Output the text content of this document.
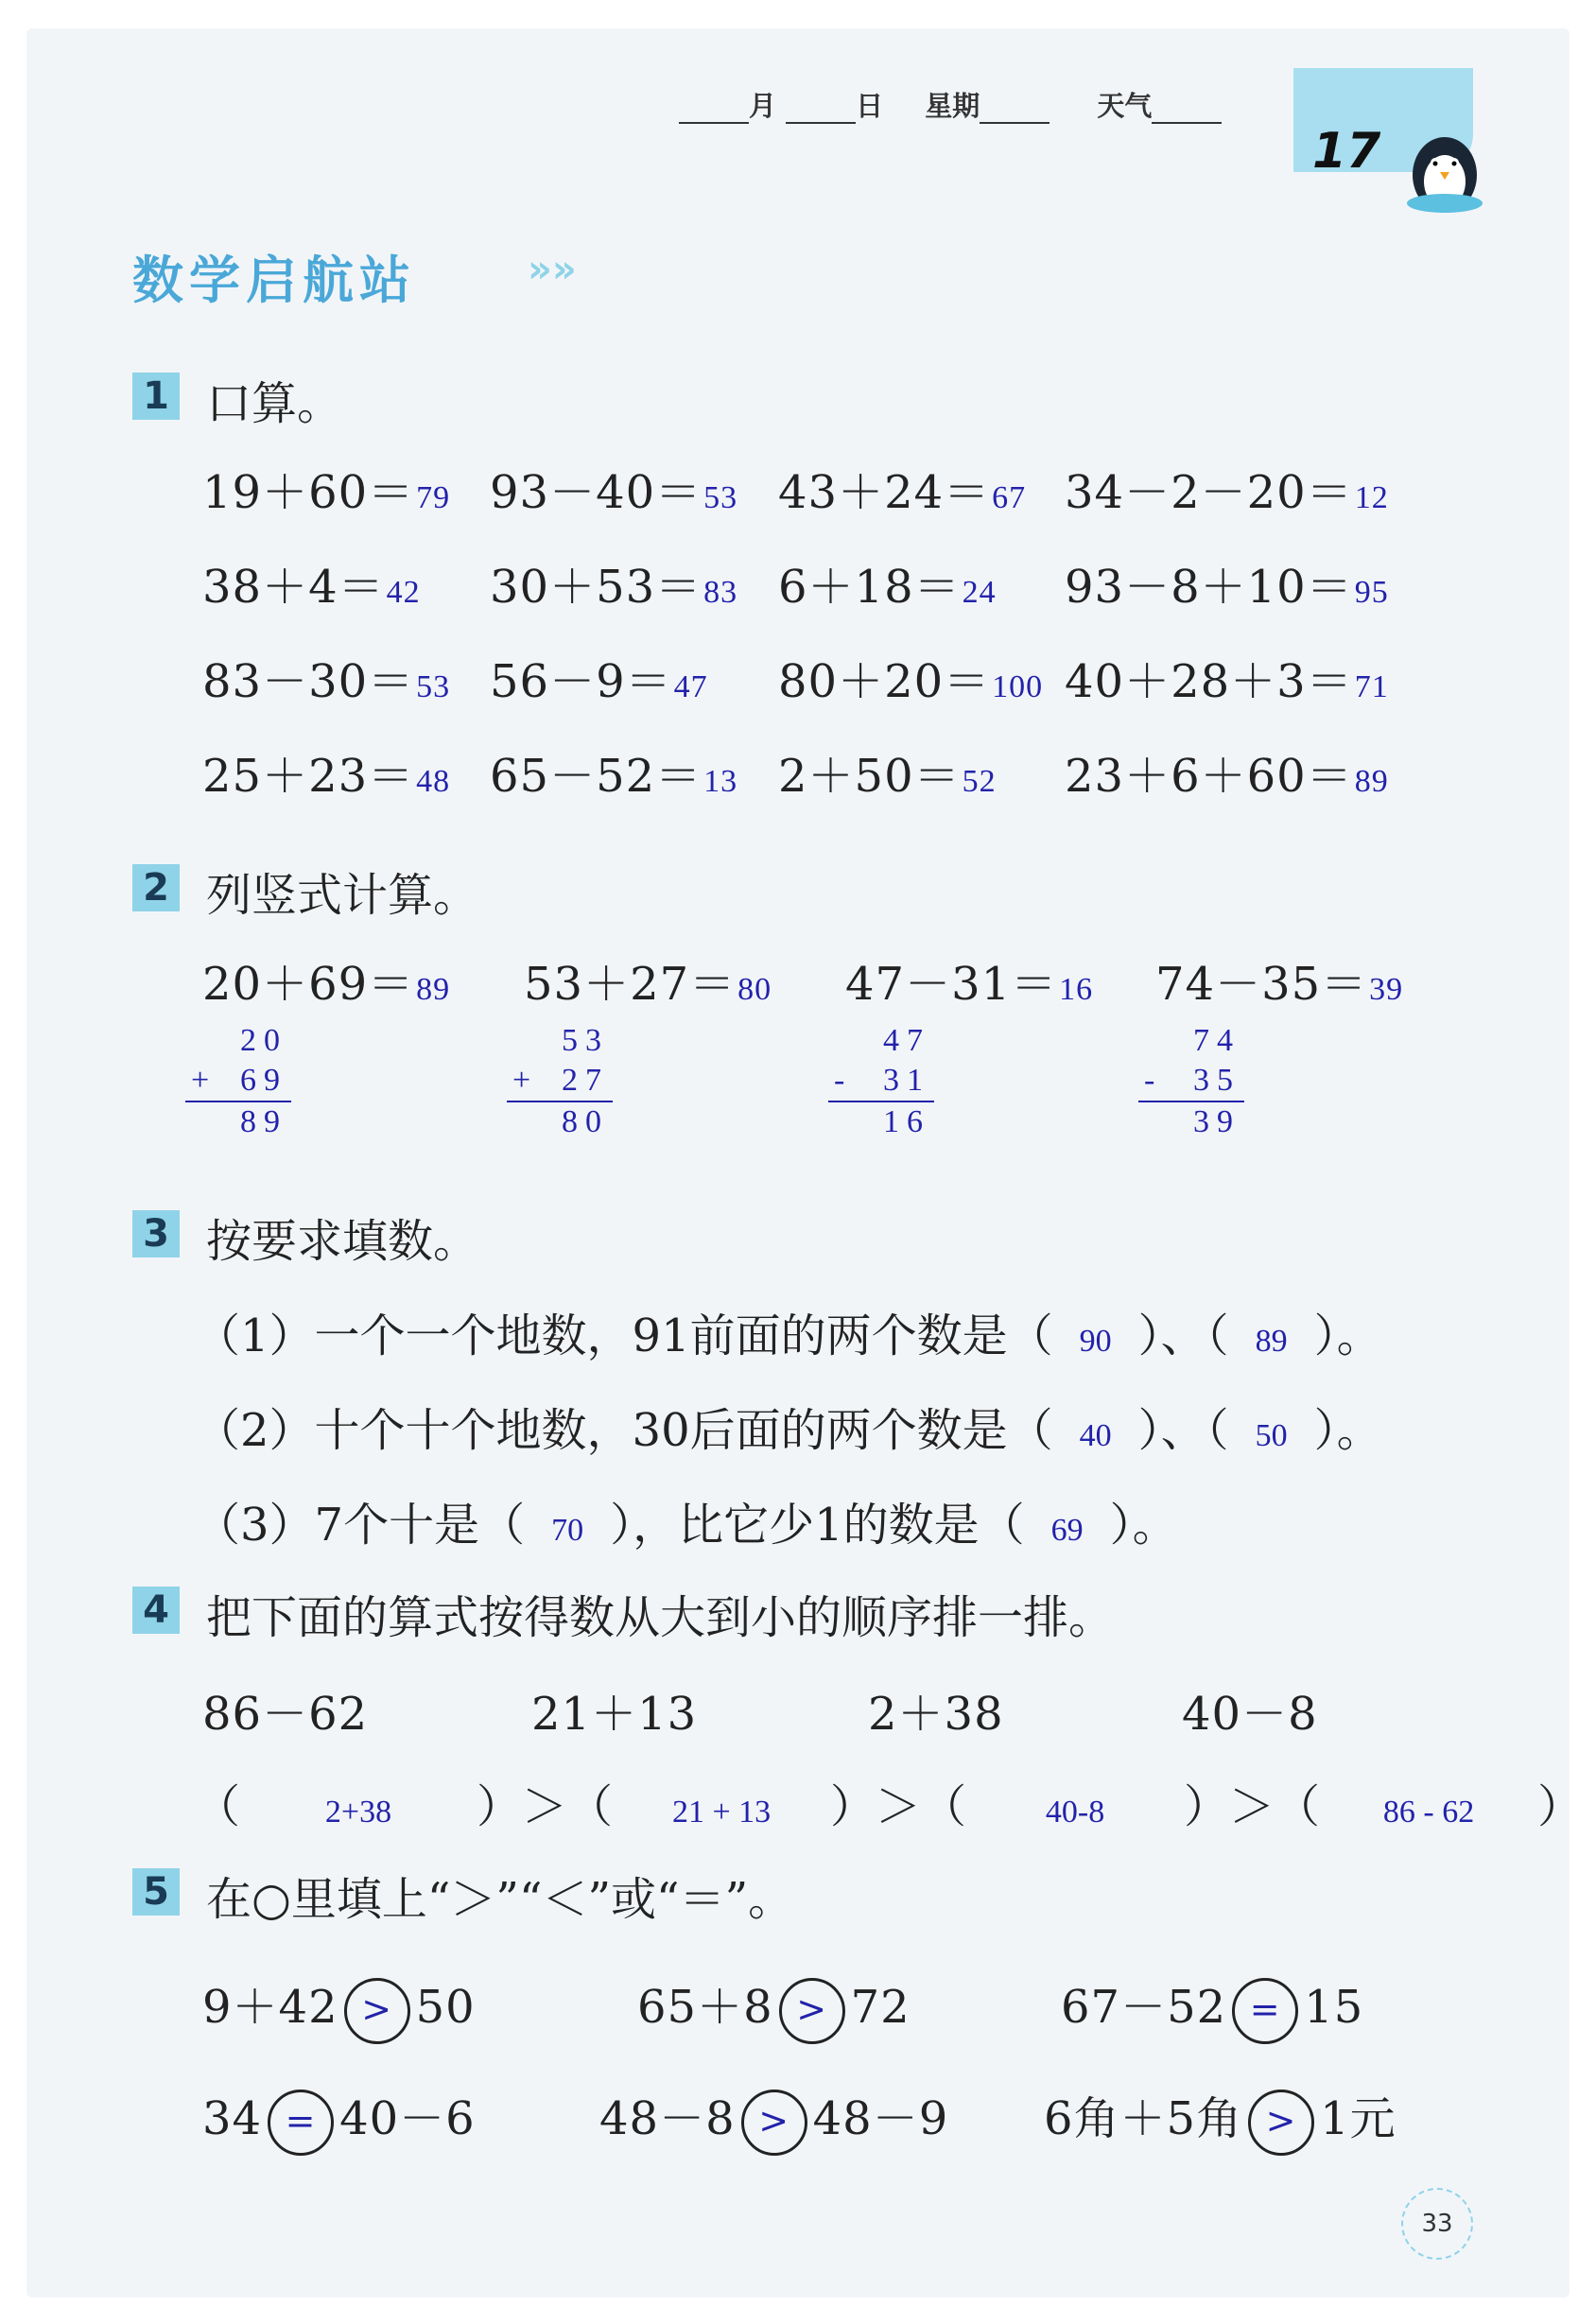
月	日 星期	天气
17
数学启航站	»»
1 口算。
19＋60＝79 93－40＝53 43＋24＝67 34－2－20＝12
38＋4＝42 30＋53＝83 6＋18＝24 93－8＋10＝95
83－30＝53 56－9＝47 80＋20＝100 40＋28＋3＝71
25＋23＝48 65－52＝13 2＋50＝52 23＋6＋60＝89
2 列竖式计算。
20＋69＝89
20
+ 69
89
53＋27＝80
53
+ 27
80
47－31＝16
47
- 31
16
74－35＝39
74
- 35
39
3 按要求填数。
（1）一个一个地数，91前面的两个数是（ 90 ）、（ 89 ）。
（2）十个十个地数，30后面的两个数是（ 40 ）、（ 50 ）。
（3）7个十是（ 70 ），比它少1的数是（ 69 ）。
4 把下面的算式按得数从大到小的顺序排一排。
86－62	21＋13	2＋38	40－8
（	2+38 ）＞（ 21 + 13 ）＞（ 40-8 ）＞（ 86 - 62 ）
5 在○里填上“＞”“＜”或“＝”。
9＋42 > 50	65＋8 > 72	67－52 = 15
34 = 40－6	48－8 > 48－9 6角＋5角 > 1元
33
